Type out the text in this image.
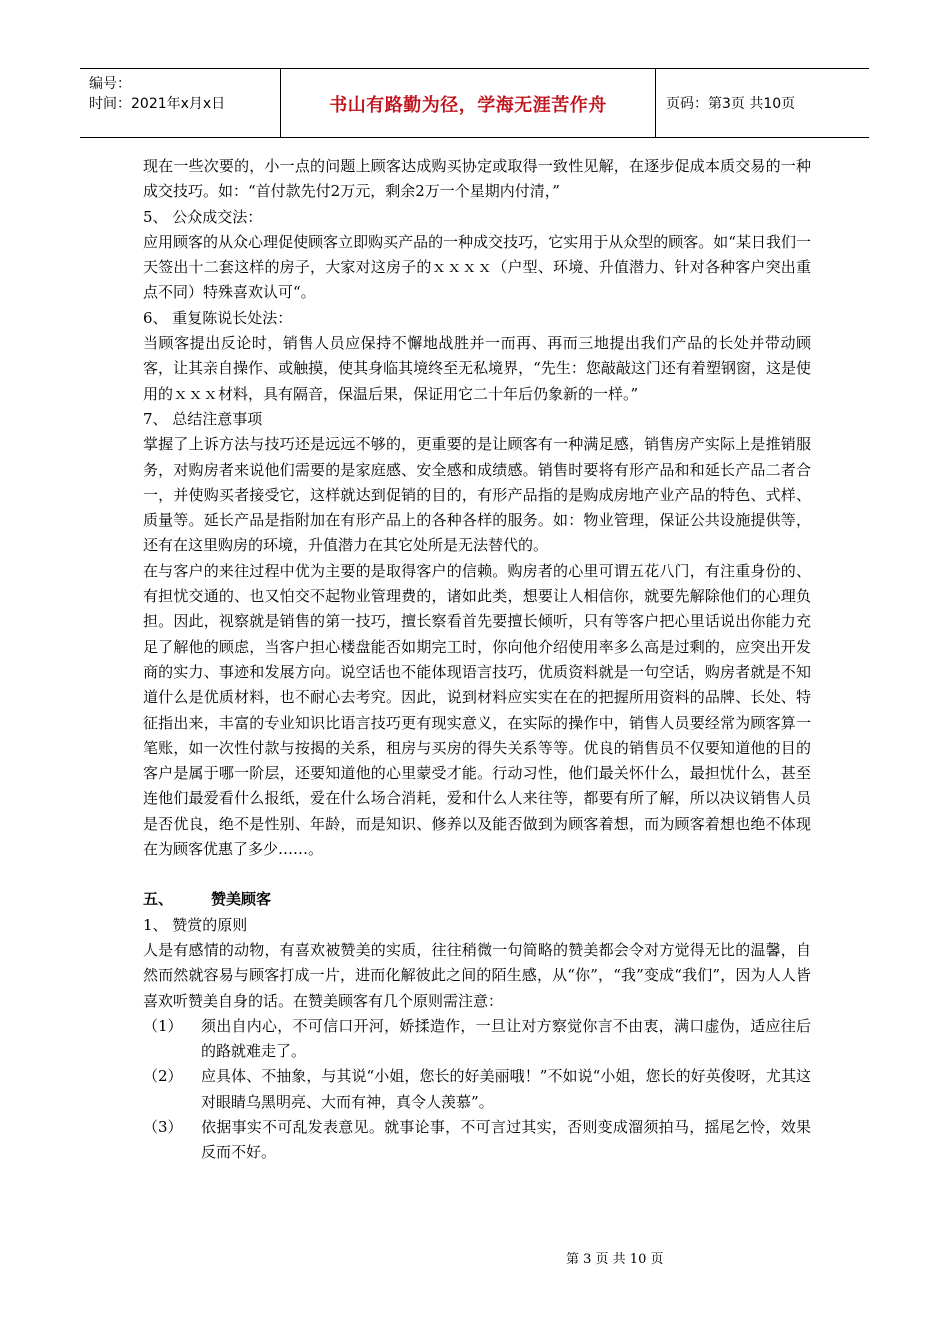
编号：
时间：2021年x月x日	书山有路勤为径，学海无涯苦作舟	页码：第3页 共10页

现在一些次要的，小一点的问题上顾客达成购买协定或取得一致性见解，在逐步促成本质交易的一种成交技巧。如：“首付款先付2万元，剩余2万一个星期内付清，”

5、 公众成交法：

应用顾客的从众心理促使顾客立即购买产品的一种成交技巧，它实用于从众型的顾客。如“某日我们一天签出十二套这样的房子，大家对这房子的ｘｘｘｘ（户型、环境、升值潜力、针对各种客户突出重点不同）特殊喜欢认可“。

6、 重复陈说长处法：

当顾客提出反论时，销售人员应保持不懈地战胜并一而再、再而三地提出我们产品的长处并带动顾客，让其亲自操作、或触摸，使其身临其境终至无私境界，“先生：您敲敲这门还有着塑钢窗，这是使用的ｘｘｘ材料，具有隔音，保温后果，保证用它二十年后仍象新的一样。”

7、 总结注意事项

掌握了上诉方法与技巧还是远远不够的，更重要的是让顾客有一种满足感，销售房产实际上是推销服务，对购房者来说他们需要的是家庭感、安全感和成绩感。销售时要将有形产品和和延长产品二者合一，并使购买者接受它，这样就达到促销的目的，有形产品指的是购成房地产业产品的特色、式样、质量等。延长产品是指附加在有形产品上的各种各样的服务。如：物业管理，保证公共设施提供等，还有在这里购房的环境，升值潜力在其它处所是无法替代的。

在与客户的来往过程中优为主要的是取得客户的信赖。购房者的心里可谓五花八门，有注重身份的、有担忧交通的、也又怕交不起物业管理费的，诸如此类，想要让人相信你，就要先解除他们的心理负担。因此，视察就是销售的第一技巧，擅长察看首先要擅长倾听，只有等客户把心里话说出你能力充足了解他的顾虑，当客户担心楼盘能否如期完工时，你向他介绍使用率多么高是过剩的，应突出开发商的实力、事迹和发展方向。说空话也不能体现语言技巧，优质资料就是一句空话，购房者就是不知道什么是优质材料，也不耐心去考究。因此，说到材料应实实在在的把握所用资料的品牌、长处、特征指出来，丰富的专业知识比语言技巧更有现实意义，在实际的操作中，销售人员要经常为顾客算一笔账，如一次性付款与按揭的关系，租房与买房的得失关系等等。优良的销售员不仅要知道他的目的客户是属于哪一阶层，还要知道他的心里蒙受才能。行动习性，他们最关怀什么，最担忧什么，甚至连他们最爱看什么报纸，爱在什么场合消耗，爱和什么人来往等，都要有所了解，所以决议销售人员是否优良，绝不是性别、年龄，而是知识、修养以及能否做到为顾客着想，而为顾客着想也绝不体现在为顾客优惠了多少……。

五、	赞美顾客

1、 赞赏的原则

人是有感情的动物，有喜欢被赞美的实质，往往稍微一句简略的赞美都会令对方觉得无比的温馨，自然而然就容易与顾客打成一片，进而化解彼此之间的陌生感，从“你”，“我”变成“我们”，因为人人皆喜欢听赞美自身的话。在赞美顾客有几个原则需注意：

（1） 须出自内心，不可信口开河，娇揉造作，一旦让对方察觉你言不由衷，满口虚伪，适应往后的路就难走了。

（2） 应具体、不抽象，与其说“小姐，您长的好美丽哦！”不如说“小姐，您长的好英俊呀，尤其这对眼睛乌黑明亮、大而有神，真令人羡慕”。

（3） 依据事实不可乱发表意见。就事论事，不可言过其实，否则变成溜须拍马，摇尾乞怜，效果反而不好。

第 3 页 共 10 页
